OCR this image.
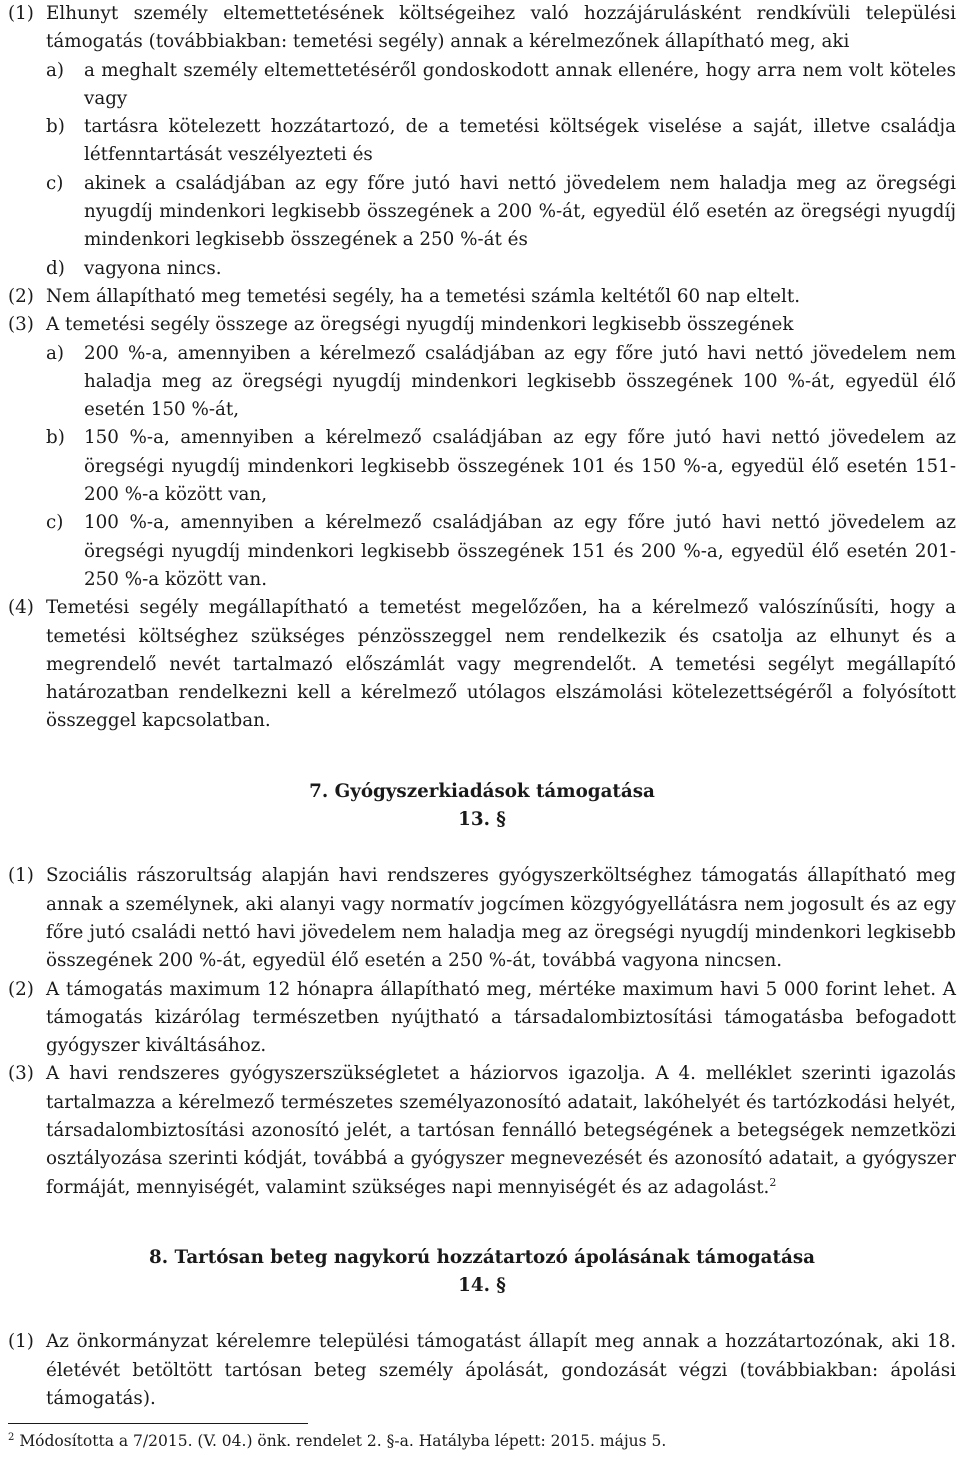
(1) Elhunyt személy eltemettetésének költségeihez való hozzájárulásként rendkívüli települési támogatás (továbbiakban: temetési segély) annak a kérelmezőnek állapítható meg, aki
a)	a meghalt személy eltemettetéséről gondoskodott annak ellenére, hogy arra nem volt köteles vagy
b)	tartásra kötelezett hozzátartozó, de a temetési költségek viselése a saját, illetve családja létfenntartását veszélyezteti és
c)	akinek a családjában az egy főre jutó havi nettó jövedelem nem haladja meg az öregségi nyugdíj mindenkori legkisebb összegének a 200 %-át, egyedül élő esetén az öregségi nyugdíj mindenkori legkisebb összegének a 250 %-át és
d)	vagyona nincs.
(2) Nem állapítható meg temetési segély, ha a temetési számla keltétől 60 nap eltelt.
(3) A temetési segély összege az öregségi nyugdíj mindenkori legkisebb összegének
a)	200 %-a, amennyiben a kérelmező családjában az egy főre jutó havi nettó jövedelem nem haladja meg az öregségi nyugdíj mindenkori legkisebb összegének 100 %-át, egyedül élő esetén 150 %-át,
b)	150 %-a, amennyiben a kérelmező családjában az egy főre jutó havi nettó jövedelem az öregségi nyugdíj mindenkori legkisebb összegének 101 és 150 %-a, egyedül élő esetén 151-200 %-a között van,
c)	100 %-a, amennyiben a kérelmező családjában az egy főre jutó havi nettó jövedelem az öregségi nyugdíj mindenkori legkisebb összegének 151 és 200 %-a, egyedül élő esetén 201-250 %-a között van.
(4) Temetési segély megállapítható a temetést megelőzően, ha a kérelmező valószínűsíti, hogy a temetési költséghez szükséges pénzösszeggel nem rendelkezik és csatolja az elhunyt és a megrendelő nevét tartalmazó előszámlát vagy megrendelőt. A temetési segélyt megállapító határozatban rendelkezni kell a kérelmező utólagos elszámolási kötelezettségéről a folyósított összeggel kapcsolatban.
7. Gyógyszerkiadások támogatása
13. §
(1) Szociális rászorultság alapján havi rendszeres gyógyszerköltséghez támogatás állapítható meg annak a személynek, aki alanyi vagy normatív jogcímen közgyógyellátásra nem jogosult és az egy főre jutó családi nettó havi jövedelem nem haladja meg az öregségi nyugdíj mindenkori legkisebb összegének 200 %-át, egyedül élő esetén a 250 %-át, továbbá vagyona nincsen.
(2) A támogatás maximum 12 hónapra állapítható meg, mértéke maximum havi 5 000 forint lehet. A támogatás kizárólag természetben nyújtható a társadalombiztosítási támogatásba befogadott gyógyszer kiváltásához.
(3) A havi rendszeres gyógyszerszükségletet a háziorvos igazolja. A 4. melléklet szerinti igazolás tartalmazza a kérelmező természetes személyazonosító adatait, lakóhelyét és tartózkodási helyét, társadalombiztosítási azonosító jelét, a tartósan fennálló betegségének a betegségek nemzetközi osztályozása szerinti kódját, továbbá a gyógyszer megnevezését és azonosító adatait, a gyógyszer formáját, mennyiségét, valamint szükséges napi mennyiségét és az adagolást.$^2$
8. Tartósan beteg nagykorú hozzátartozó ápolásának támogatása
14. §
(1) Az önkormányzat kérelemre települési támogatást állapít meg annak a hozzátartozónak, aki 18. életévét betöltött tartósan beteg személy ápolását, gondozását végzi (továbbiakban: ápolási támogatás).
$^2$ Módosította a 7/2015. (V. 04.) önk. rendelet 2. §-a. Hatályba lépett: 2015. május 5.
